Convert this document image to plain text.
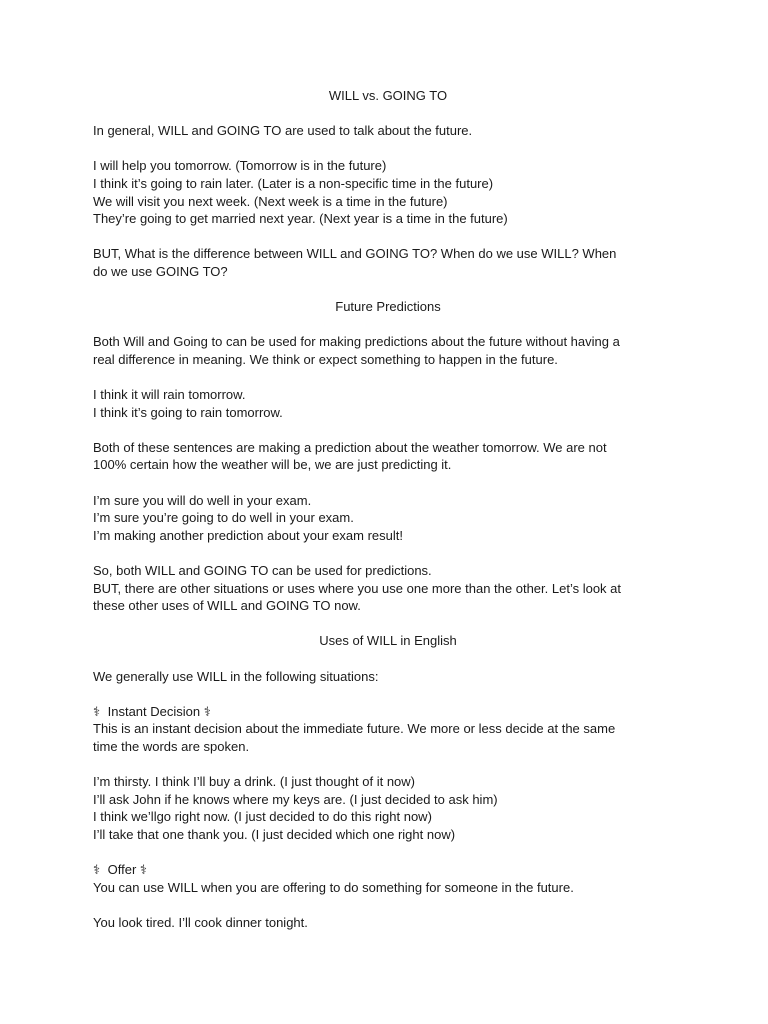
WILL vs. GOING TO

In general, WILL and GOING TO are used to talk about the future.

I will help you tomorrow. (Tomorrow is in the future)
I think it’s going to rain later. (Later is a non-specific time in the future)
We will visit you next week. (Next week is a time in the future)
They’re going to get married next year. (Next year is a time in the future)

BUT, What is the difference between WILL and GOING TO? When do we use WILL? When
do we use GOING TO?

Future Predictions

Both Will and Going to can be used for making predictions about the future without having a
real difference in meaning. We think or expect something to happen in the future.

I think it will rain tomorrow.
I think it’s going to rain tomorrow.

Both of these sentences are making a prediction about the weather tomorrow. We are not
100% certain how the weather will be, we are just predicting it.

I’m sure you will do well in your exam.
I’m sure you’re going to do well in your exam.
I’m making another prediction about your exam result!

So, both WILL and GOING TO can be used for predictions.
BUT, there are other situations or uses where you use one more than the other. Let’s look at
these other uses of WILL and GOING TO now.

Uses of WILL in English

We generally use WILL in the following situations:

⚕ Instant Decision ⚕
This is an instant decision about the immediate future. We more or less decide at the same
time the words are spoken.

I’m thirsty. I think I’ll buy a drink. (I just thought of it now)
I’ll ask John if he knows where my keys are. (I just decided to ask him)
I think we’llgo right now. (I just decided to do this right now)
I’ll take that one thank you. (I just decided which one right now)

⚕ Offer ⚕
You can use WILL when you are offering to do something for someone in the future.

You look tired. I’ll cook dinner tonight.
